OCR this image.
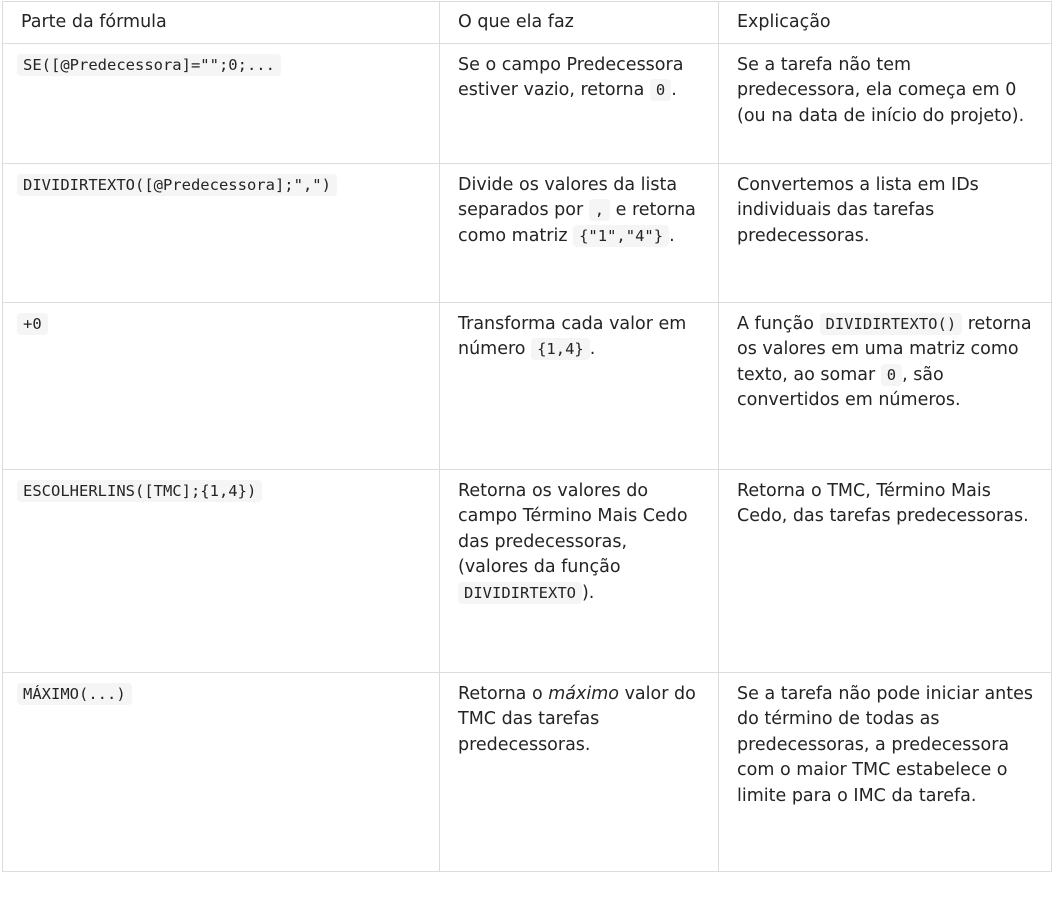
Parte da fórmula	O que ela faz	Explicação
SE([@Predecessora]="";0;...	Se o campo Predecessora estiver vazio, retorna 0 .	Se a tarefa não tem predecessora, ela começa em 0 (ou na data de início do projeto).
DIVIDIRTEXTO([@Predecessora];",")	Divide os valores da lista separados por , e retorna como matriz {"1","4"} .	Convertemos a lista em IDs individuais das tarefas predecessoras.
+0	Transforma cada valor em número {1,4} .	A função DIVIDIRTEXTO() retorna os valores em uma matriz como texto, ao somar 0 , são convertidos em números.
ESCOLHERLINS([TMC];{1,4})	Retorna os valores do campo Término Mais Cedo das predecessoras, (valores da função DIVIDIRTEXTO ).	Retorna o TMC, Término Mais Cedo, das tarefas predecessoras.
MÁXIMO(...)	Retorna o máximo valor do TMC das tarefas predecessoras.	Se a tarefa não pode iniciar antes do término de todas as predecessoras, a predecessora com o maior TMC estabelece o limite para o IMC da tarefa.
